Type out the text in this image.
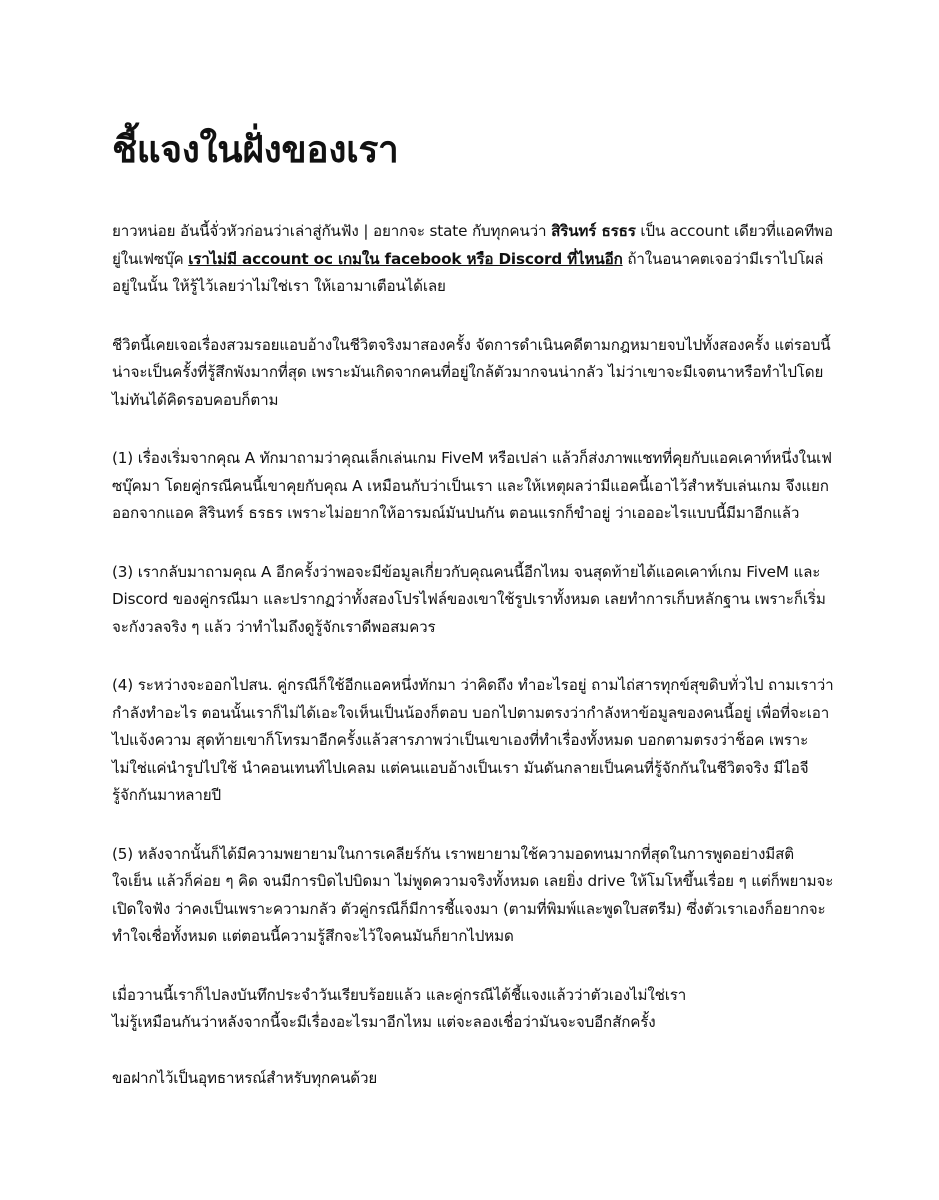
ชี้แจงในฝั่งของเรา

ยาวหน่อย อันนี้จั่วหัวก่อนว่าเล่าสู่กันฟัง | อยากจะ state กับทุกคนว่า สิรินทร์ ธรธร เป็น account เดียวที่แอคทีพอยู่ในเฟซบุ๊ค เราไม่มี account oc เกมใน facebook หรือ Discord ที่ไหนอีก ถ้าในอนาคตเจอว่ามีเราไปโผล่อยู่ในนั้น ให้รู้ไว้เลยว่าไม่ใช่เรา ให้เอามาเตือนได้เลย

ชีวิตนี้เคยเจอเรื่องสวมรอยแอบอ้างในชีวิตจริงมาสองครั้ง จัดการดำเนินคดีตามกฎหมายจบไปทั้งสองครั้ง แต่รอบนี้น่าจะเป็นครั้งที่รู้สึกพังมากที่สุด เพราะมันเกิดจากคนที่อยู่ใกล้ตัวมากจนน่ากลัว ไม่ว่าเขาจะมีเจตนาหรือทำไปโดยไม่ทันได้คิดรอบคอบก็ตาม

(1) เรื่องเริ่มจากคุณ A ทักมาถามว่าคุณเล็กเล่นเกม FiveM หรือเปล่า แล้วก็ส่งภาพแชทที่คุยกับแอคเคาท์หนึ่งในเฟซบุ๊คมา โดยคู่กรณีคนนี้เขาคุยกับคุณ A เหมือนกับว่าเป็นเรา และให้เหตุผลว่ามีแอคนี้เอาไว้สำหรับเล่นเกม จึงแยกออกจากแอค สิรินทร์ ธรธร เพราะไม่อยากให้อารมณ์มันปนกัน ตอนแรกก็ขำอยู่ ว่าเอออะไรแบบนี้มีมาอีกแล้ว

(3) เรากลับมาถามคุณ A อีกครั้งว่าพอจะมีข้อมูลเกี่ยวกับคุณคนนี้อีกไหม จนสุดท้ายได้แอคเคาท์เกม FiveM และ Discord ของคู่กรณีมา และปรากฏว่าทั้งสองโปรไฟล์ของเขาใช้รูปเราทั้งหมด เลยทำการเก็บหลักฐาน เพราะก็เริ่มจะกังวลจริง ๆ แล้ว ว่าทำไมถึงดูรู้จักเราดีพอสมควร

(4) ระหว่างจะออกไปสน. คู่กรณีก็ใช้อีกแอคหนึ่งทักมา ว่าคิดถึง ทำอะไรอยู่ ถามไถ่สารทุกข์สุขดิบทั่วไป ถามเราว่ากำลังทำอะไร ตอนนั้นเราก็ไม่ได้เอะใจเห็นเป็นน้องก็ตอบ บอกไปตามตรงว่ากำลังหาข้อมูลของคนนี้อยู่ เพื่อที่จะเอาไปแจ้งความ สุดท้ายเขาก็โทรมาอีกครั้งแล้วสารภาพว่าเป็นเขาเองที่ทำเรื่องทั้งหมด บอกตามตรงว่าช็อค เพราะไม่ใช่แค่นำรูปไปใช้ นำคอนเทนท์ไปเคลม แต่คนแอบอ้างเป็นเรา มันดันกลายเป็นคนที่รู้จักกันในชีวิตจริง มีไอจี รู้จักกันมาหลายปี

(5) หลังจากนั้นก็ได้มีความพยายามในการเคลียร์กัน เราพยายามใช้ความอดทนมากที่สุดในการพูดอย่างมีสติใจเย็น แล้วก็ค่อย ๆ คิด จนมีการบิดไปบิดมา ไม่พูดความจริงทั้งหมด เลยยิ่ง drive ให้โมโหขึ้นเรื่อย ๆ แต่ก็พยามจะเปิดใจฟัง ว่าคงเป็นเพราะความกลัว ตัวคู่กรณีก็มีการชี้แจงมา (ตามที่พิมพ์และพูดใบสตรีม) ซึ่งตัวเราเองก็อยากจะทำใจเชื่อทั้งหมด แต่ตอนนี้ความรู้สึกจะไว้ใจคนมันก็ยากไปหมด

เมื่อวานนี้เราก็ไปลงบันทึกประจำวันเรียบร้อยแล้ว และคู่กรณีได้ชี้แจงแล้วว่าตัวเองไม่ใช่เรา
ไม่รู้เหมือนกันว่าหลังจากนี้จะมีเรื่องอะไรมาอีกไหม แต่จะลองเชื่อว่ามันจะจบอีกสักครั้ง

ขอฝากไว้เป็นอุทธาหรณ์สำหรับทุกคนด้วย
